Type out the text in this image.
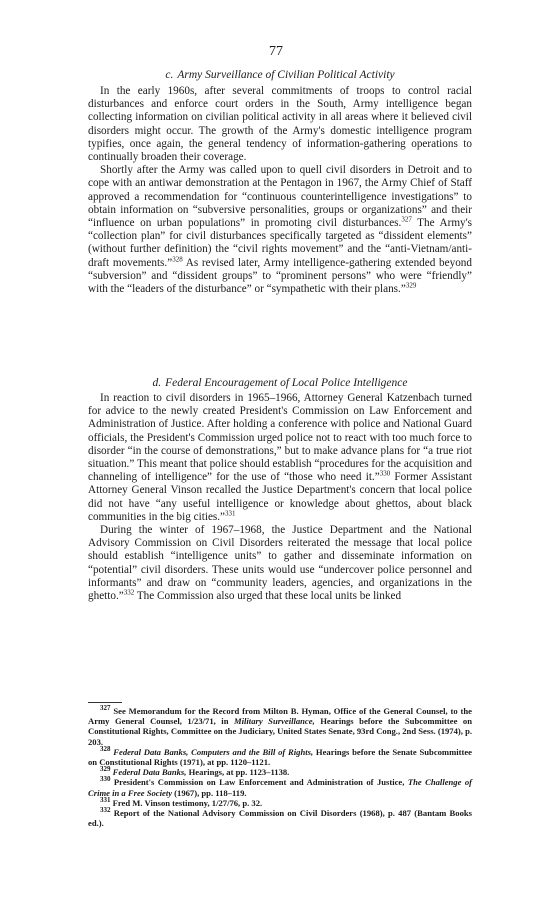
77

c. Army Surveillance of Civilian Political Activity

In the early 1960s, after several commitments of troops to control racial disturbances and enforce court orders in the South, Army intelligence began collecting information on civilian political activity in all areas where it believed civil disorders might occur. The growth of the Army's domestic intelligence program typifies, once again, the general tendency of information-gathering operations to continually broaden their coverage.

Shortly after the Army was called upon to quell civil disorders in Detroit and to cope with an antiwar demonstration at the Pentagon in 1967, the Army Chief of Staff approved a recommendation for “continuous counterintelligence investigations” to obtain information on “subversive personalities, groups or organizations” and their “influence on urban populations” in promoting civil disturbances.$^{327}$ The Army's “collection plan” for civil disturbances specifically targeted as “dissident elements” (without further definition) the “civil rights movement” and the “anti-Vietnam/anti-draft movements.”$^{328}$ As revised later, Army intelligence-gathering extended beyond “subversion” and “dissident groups” to “prominent persons” who were “friendly” with the “leaders of the disturbance” or “sympathetic with their plans.”$^{329}$

d. Federal Encouragement of Local Police Intelligence

In reaction to civil disorders in 1965–1966, Attorney General Katzenbach turned for advice to the newly created President's Commission on Law Enforcement and Administration of Justice. After holding a conference with police and National Guard officials, the President's Commission urged police not to react with too much force to disorder “in the course of demonstrations,” but to make advance plans for “a true riot situation.” This meant that police should establish “procedures for the acquisition and channeling of intelligence” for the use of “those who need it.”$^{330}$ Former Assistant Attorney General Vinson recalled the Justice Department's concern that local police did not have “any useful intelligence or knowledge about ghettos, about black communities in the big cities.”$^{331}$

During the winter of 1967–1968, the Justice Department and the National Advisory Commission on Civil Disorders reiterated the message that local police should establish “intelligence units” to gather and disseminate information on “potential” civil disorders. These units would use “undercover police personnel and informants” and draw on “community leaders, agencies, and organizations in the ghetto.”$^{332}$ The Commission also urged that these local units be linked

$^{327}$ See Memorandum for the Record from Milton B. Hyman, Office of the General Counsel, to the Army General Counsel, 1/23/71, in Military Surveillance, Hearings before the Subcommittee on Constitutional Rights, Committee on the Judiciary, United States Senate, 93rd Cong., 2nd Sess. (1974), p. 203.

$^{328}$ Federal Data Banks, Computers and the Bill of Rights, Hearings before the Senate Subcommittee on Constitutional Rights (1971), at pp. 1120–1121.

$^{329}$ Federal Data Banks, Hearings, at pp. 1123–1138.

$^{330}$ President's Commission on Law Enforcement and Administration of Justice, The Challenge of Crime in a Free Society (1967), pp. 118–119.

$^{331}$ Fred M. Vinson testimony, 1/27/76, p. 32.

$^{332}$ Report of the National Advisory Commission on Civil Disorders (1968), p. 487 (Bantam Books ed.).
